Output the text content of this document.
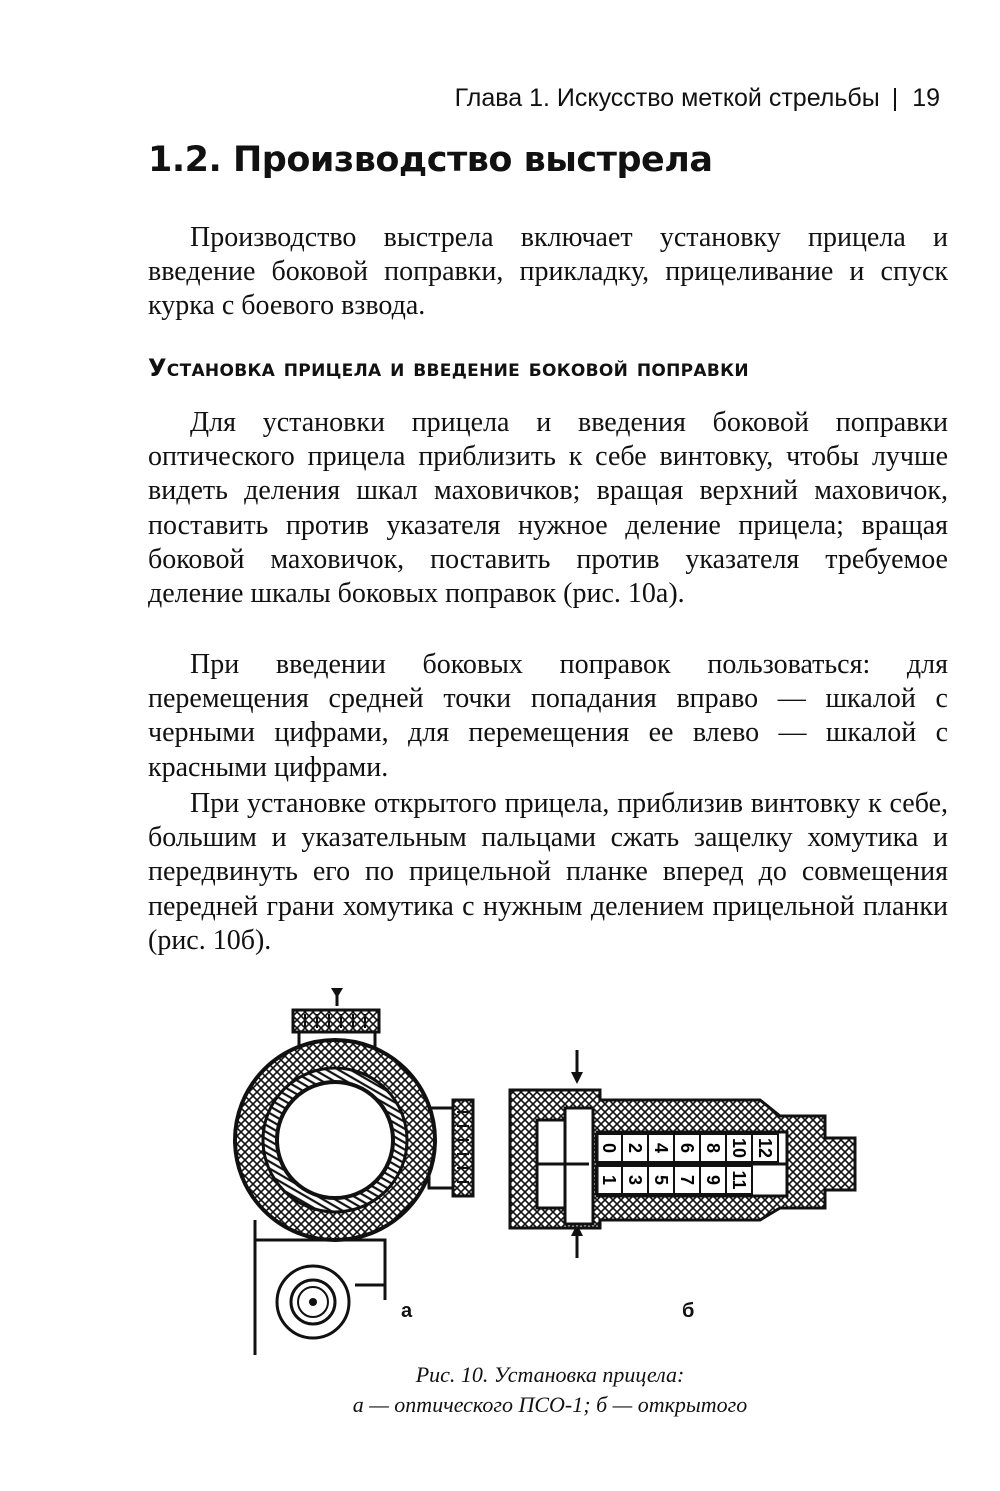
Глава 1. Искусство меткой стрельбы | 19
1.2. Производство выстрела

Производство выстрела включает установку прицела и введение боковой поправки, прикладку, прицеливание и спуск курка с боевого взвода.

Установка прицела и введение боковой поправки

Для установки прицела и введения боковой поправки оптического прицела приблизить к себе винтовку, чтобы лучше видеть деления шкал маховичков; вращая верхний маховичок, поставить против указателя нужное деление прицела; вращая боковой маховичок, поставить против указателя требуемое деление шкалы боковых поправок (рис. 10а).

При введении боковых поправок пользоваться: для перемещения средней точки попадания вправо — шкалой с черными цифрами, для перемещения ее влево — шкалой с красными цифрами.

При установке открытого прицела, приблизив винтовку к себе, большим и указательным пальцами сжать защелку хомутика и передвинуть его по прицельной планке вперед до совмещения передней грани хомутика с нужным делением прицельной планки (рис. 10б).

0 2 4 6 8 10 12
1 3 5 7 9 11
а	б
Рис. 10. Установка прицела:
а — оптического ПСО-1; б — открытого
